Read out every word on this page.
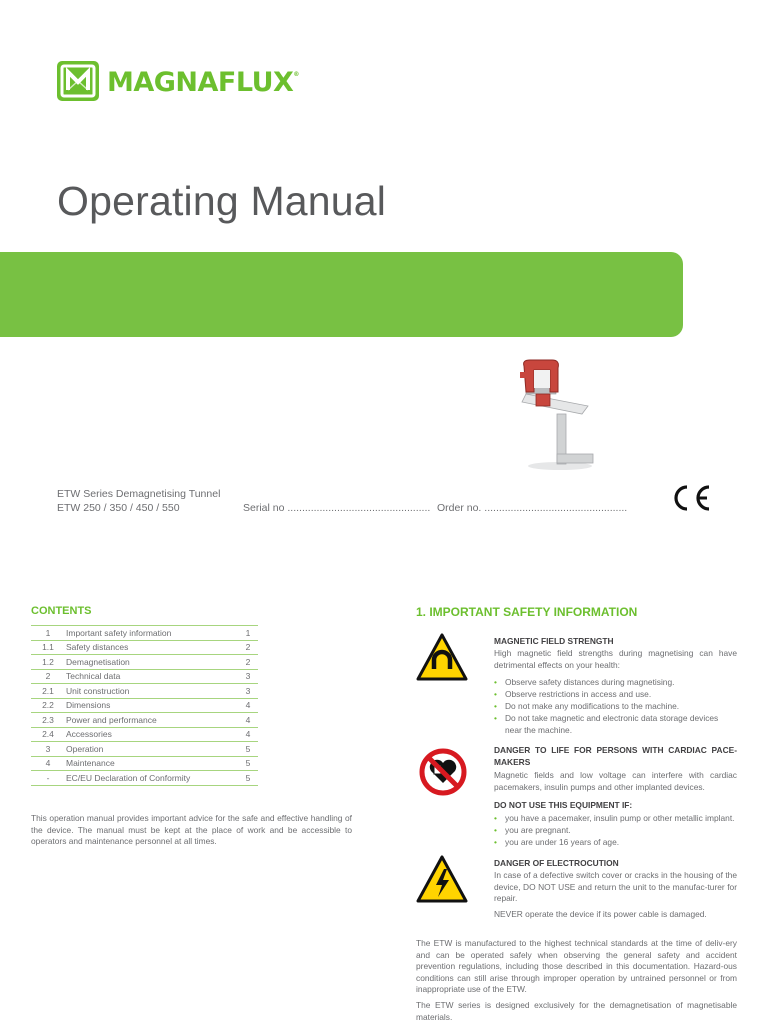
MAGNAFLUX®
Operating Manual
ETW Series Demagnetising Tunnel
ETW 250 / 350 / 450 / 550	Serial no ................................................. Order no. .................................................
CONTENTS
1	Important safety information	1
1.1	Safety distances	2
1.2	Demagnetisation	2
2	Technical data	3
2.1	Unit construction	3
2.2	Dimensions	4
2.3	Power and performance	4
2.4	Accessories	4
3	Operation	5
4	Maintenance	5
-	EC/EU Declaration of Conformity	5

This operation manual provides important advice for the safe and effective handling of the device. The manual must be kept at the place of work and be accessible to operators and maintenance personnel at all times.

1. IMPORTANT SAFETY INFORMATION
MAGNETIC FIELD STRENGTH

High magnetic field strengths during magnetising can have detrimental effects on your health:

• Observe safety distances during magnetising.
• Observe restrictions in access and use.
• Do not make any modifications to the machine.
• Do not take magnetic and electronic data storage devices near the machine.
DANGER TO LIFE FOR PERSONS WITH CARDIAC PACE-MAKERS

Magnetic fields and low voltage can interfere with cardiac pacemakers, insulin pumps and other implanted devices.

DO NOT USE THIS EQUIPMENT IF:
• you have a pacemaker, insulin pump or other metallic implant.
• you are pregnant.
• you are under 16 years of age.
DANGER OF ELECTROCUTION

In case of a defective switch cover or cracks in the housing of the device, DO NOT USE and return the unit to the manufac-turer for repair.

NEVER operate the device if its power cable is damaged.

The ETW is manufactured to the highest technical standards at the time of deliv-ery and can be operated safely when observing the general safety and accident prevention regulations, including those described in this documentation. Hazard-ous conditions can still arise through improper operation by untrained personnel or from inappropriate use of the ETW.

The ETW series is designed exclusively for the demagnetisation of magnetisable materials.
